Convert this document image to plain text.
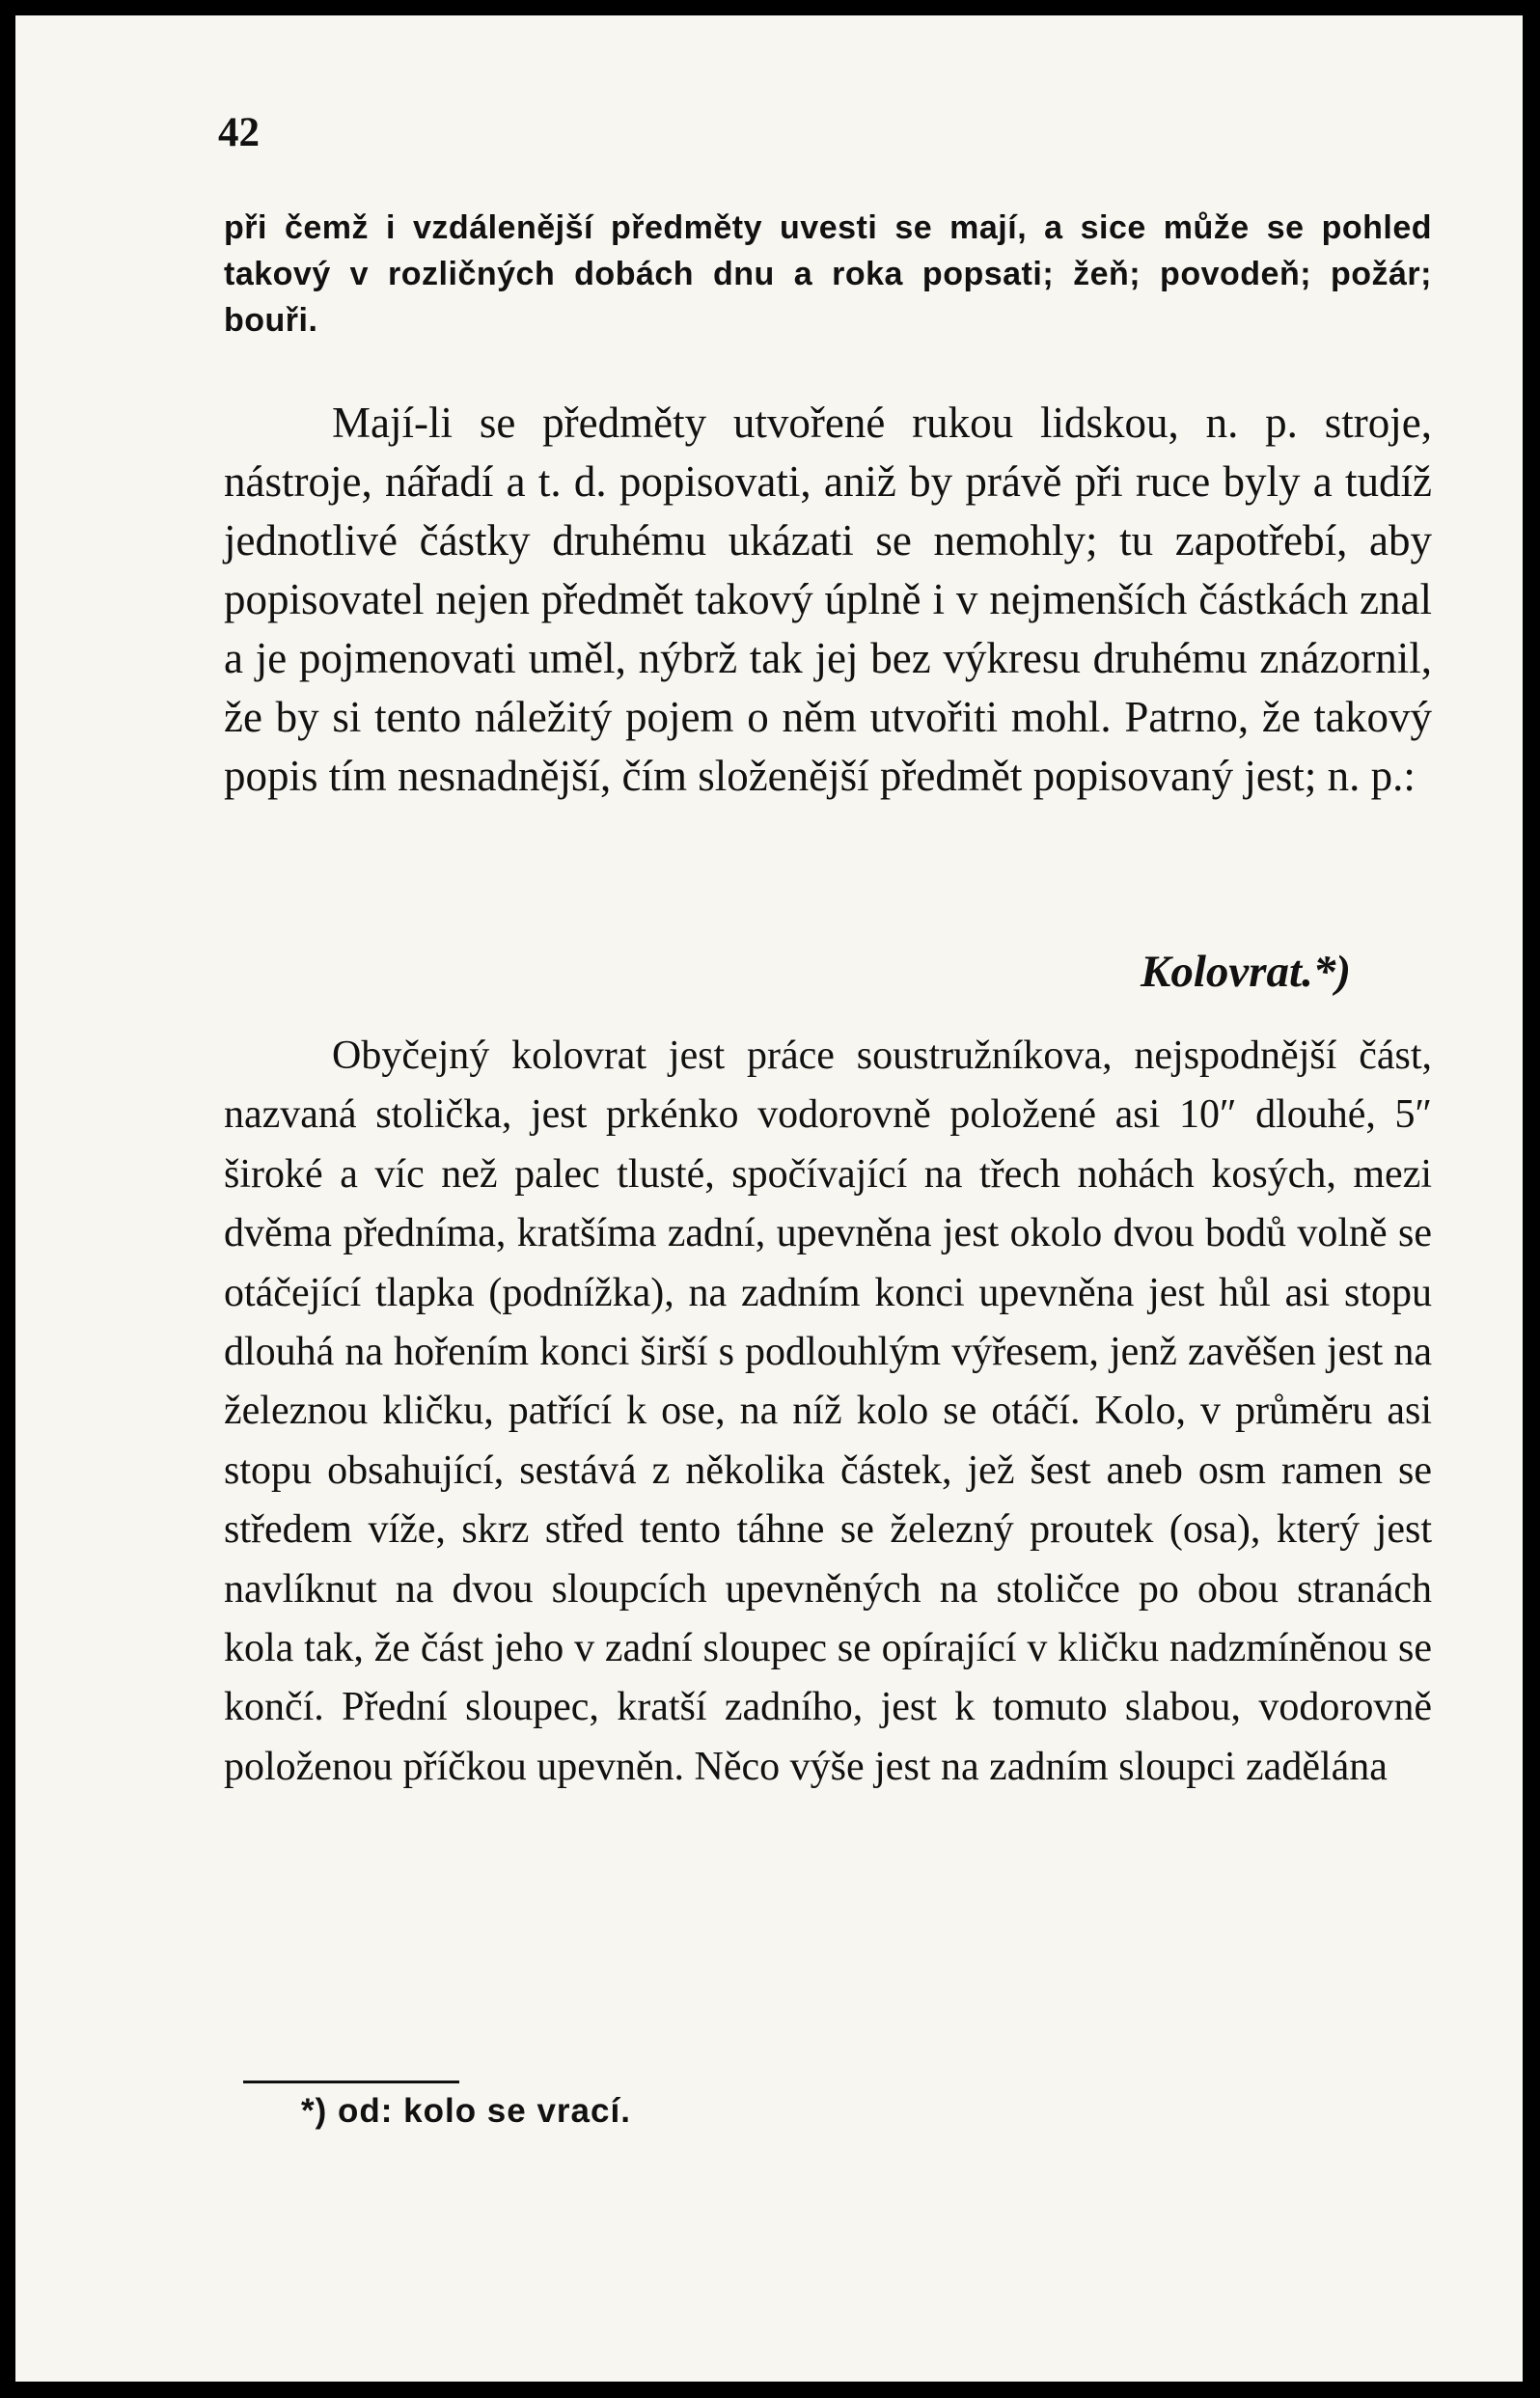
42

při čemž i vzdálenější předměty uvesti se mají, a sice může se pohled takový v rozličných dobách dnu a roka popsati; žeň; povodeň; požár; bouři.

Mají-li se předměty utvořené rukou lidskou, n. p. stroje, nástroje, nářadí a t. d. popisovati, aniž by právě při ruce byly a tudíž jednotlivé částky druhému ukázati se nemohly; tu zapotřebí, aby popisovatel nejen předmět takový úplně i v nejmenších částkách znal a je pojmenovati uměl, nýbrž tak jej bez výkresu druhému znázornil, že by si tento náležitý pojem o něm utvořiti mohl. Patrno, že takový popis tím nesnadnější, čím složenější předmět popisovaný jest; n. p.:

Kolovrat.*)

Obyčejný kolovrat jest práce soustružníkova, nejspodnější část, nazvaná stolička, jest prkénko vodorovně položené asi 10″ dlouhé, 5″ široké a víc než palec tlusté, spočívající na třech nohách kosých, mezi dvěma předníma, kratšíma zadní, upevněna jest okolo dvou bodů volně se otáčející tlapka (podnížka), na zadním konci upevněna jest hůl asi stopu dlouhá na hořením konci širší s podlouhlým výřesem, jenž zavěšen jest na železnou kličku, patřící k ose, na níž kolo se otáčí. Kolo, v průměru asi stopu obsahující, sestává z několika částek, jež šest aneb osm ramen se středem víže, skrz střed tento táhne se železný proutek (osa), který jest navlíknut na dvou sloupcích upevněných na stoličce po obou stranách kola tak, že část jeho v zadní sloupec se opírající v kličku nadzmíněnou se končí. Přední sloupec, kratší zadního, jest k tomuto slabou, vodorovně položenou příčkou upevněn. Něco výše jest na zadním sloupci zadělána

*) od: kolo se vrací.
